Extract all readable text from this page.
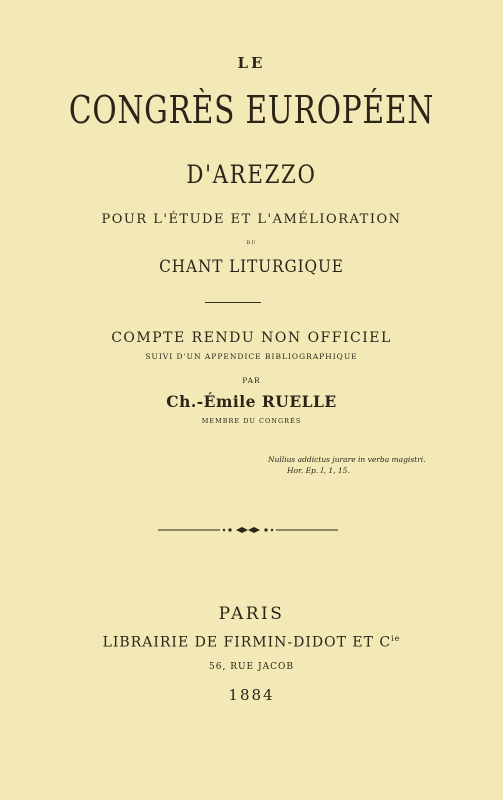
LE
CONGRÈS EUROPÉEN
D'AREZZO
POUR L'ÉTUDE ET L'AMÉLIORATION
DU
CHANT LITURGIQUE
COMPTE RENDU NON OFFICIEL
SUIVI D'UN APPENDICE BIBLIOGRAPHIQUE
PAR
Ch.-Émile RUELLE
MEMBRE DU CONGRÈS
Nullius addictus jurare in verba magistri.
Hor. Ep. I, 1, 15.
PARIS
LIBRAIRIE DE FIRMIN-DIDOT ET $C^{ie}$
56, RUE JACOB
1884
